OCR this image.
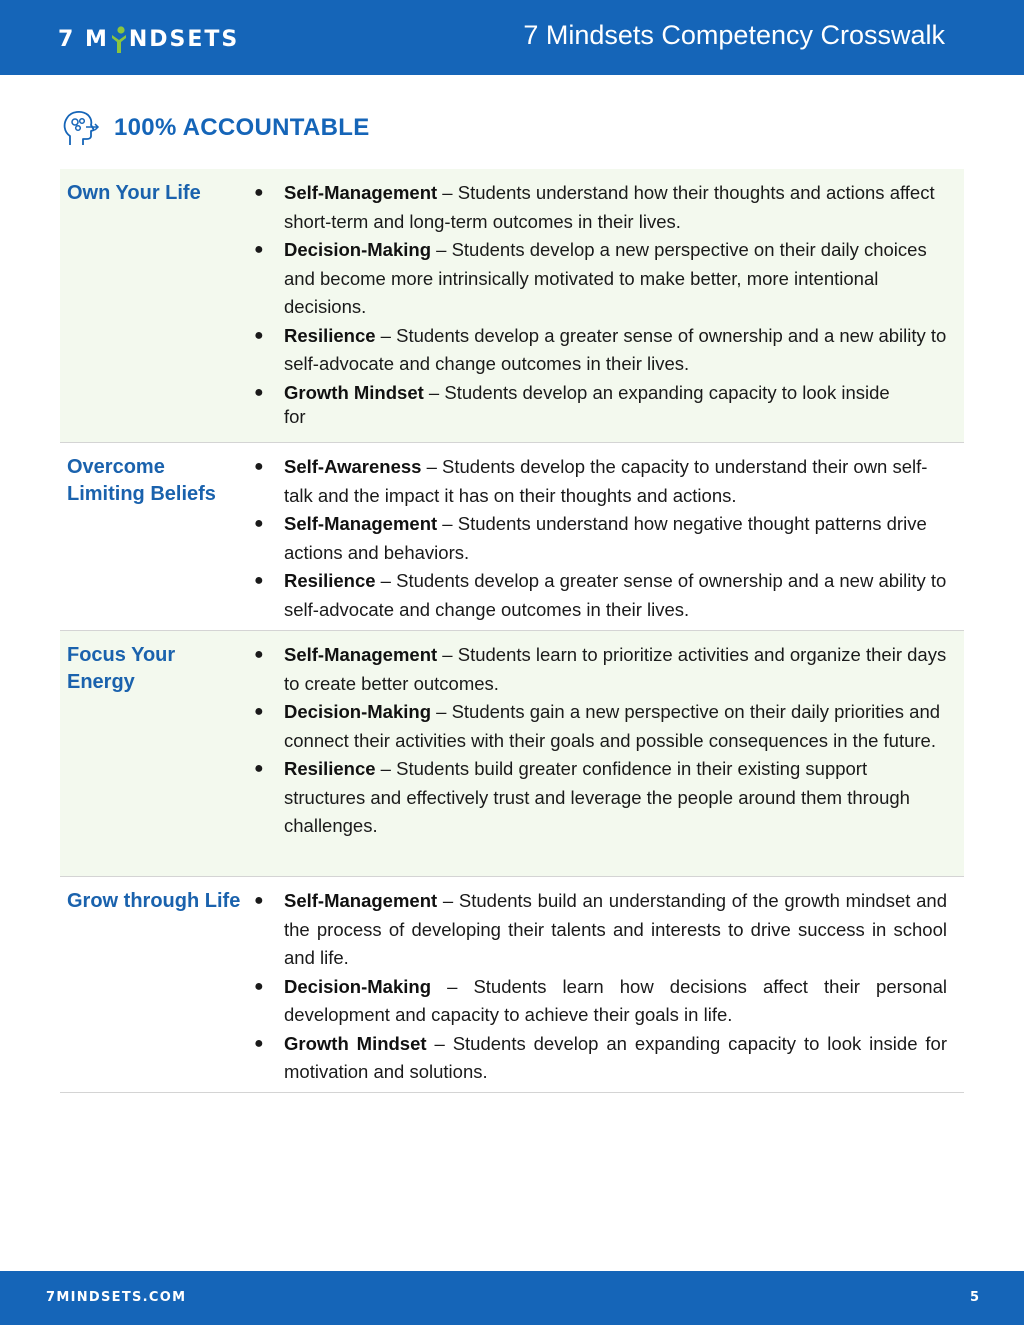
7 M NDSETS	7 Mindsets Competency Crosswalk
100% ACCOUNTABLE
Own Your Life	●	Self-Management – Students understand how their thoughts and actions affect short-term and long-term outcomes in their lives.
●	Decision-Making – Students develop a new perspective on their daily choices and become more intrinsically motivated to make better, more intentional decisions.
●	Resilience – Students develop a greater sense of ownership and a new ability to self-advocate and change outcomes in their lives.
●	Growth Mindset – Students develop an expanding capacity to look inside
for
Overcome Limiting Beliefs
●	Self-Awareness – Students develop the capacity to understand their own self-talk and the impact it has on their thoughts and actions.
●	Self-Management – Students understand how negative thought patterns drive actions and behaviors.
●	Resilience – Students develop a greater sense of ownership and a new ability to self-advocate and change outcomes in their lives.
Focus Your Energy
●	Self-Management – Students learn to prioritize activities and organize their days to create better outcomes.
●	Decision-Making – Students gain a new perspective on their daily priorities and connect their activities with their goals and possible consequences in the future.
●	Resilience – Students build greater confidence in their existing support structures and effectively trust and leverage the people around them through challenges.
Grow through Life ●	Self-Management – Students build an understanding of the growth mindset and the process of developing their talents and interests to drive success in school and life.
●	Decision-Making – Students learn how decisions affect their personal development and capacity to achieve their goals in life.
●	Growth Mindset – Students develop an expanding capacity to look inside for motivation and solutions.
7MINDSETS.COM	5
